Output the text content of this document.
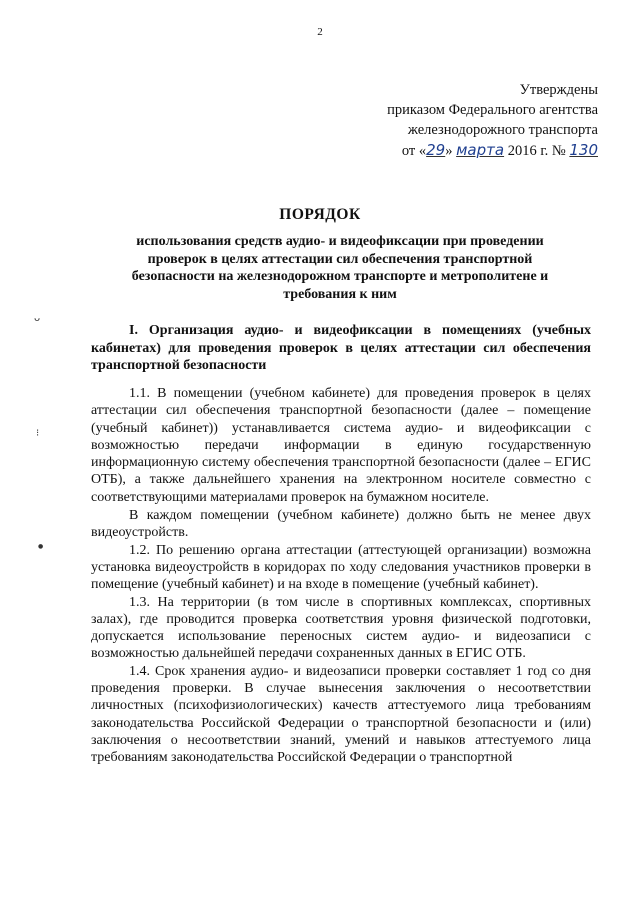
2
Утверждены
приказом Федерального агентства
железнодорожного транспорта
от «29» марта 2016 г. № 130
ПОРЯДОК
использования средств аудио- и видеофиксации при проведении проверок в целях аттестации сил обеспечения транспортной безопасности на железнодорожном транспорте и метрополитене и требования к ним
I. Организация аудио- и видеофиксации в помещениях (учебных кабинетах) для проведения проверок в целях аттестации сил обеспечения транспортной безопасности

1.1. В помещении (учебном кабинете) для проведения проверок в целях аттестации сил обеспечения транспортной безопасности (далее – помещение (учебный кабинет)) устанавливается система аудио- и видеофиксации с возможностью передачи информации в единую государственную информационную систему обеспечения транспортной безопасности (далее – ЕГИС ОТБ), а также дальнейшего хранения на электронном носителе совместно с соответствующими материалами проверок на бумажном носителе.

В каждом помещении (учебном кабинете) должно быть не менее двух видеоустройств.

1.2. По решению органа аттестации (аттестующей организации) возможна установка видеоустройств в коридорах по ходу следования участников проверки в помещение (учебный кабинет) и на входе в помещение (учебный кабинет).

1.3. На территории (в том числе в спортивных комплексах, спортивных залах), где проводится проверка соответствия уровня физической подготовки, допускается использование переносных систем аудио- и видеозаписи с возможностью дальнейшей передачи сохраненных данных в ЕГИС ОТБ.

1.4. Срок хранения аудио- и видеозаписи проверки составляет 1 год со дня проведения проверки. В случае вынесения заключения о несоответствии личностных (психофизиологических) качеств аттестуемого лица требованиям законодательства Российской Федерации о транспортной безопасности и (или) заключения о несоответствии знаний, умений и навыков аттестуемого лица требованиям законодательства Российской Федерации о транспортной

ᴗ
⁝
●
